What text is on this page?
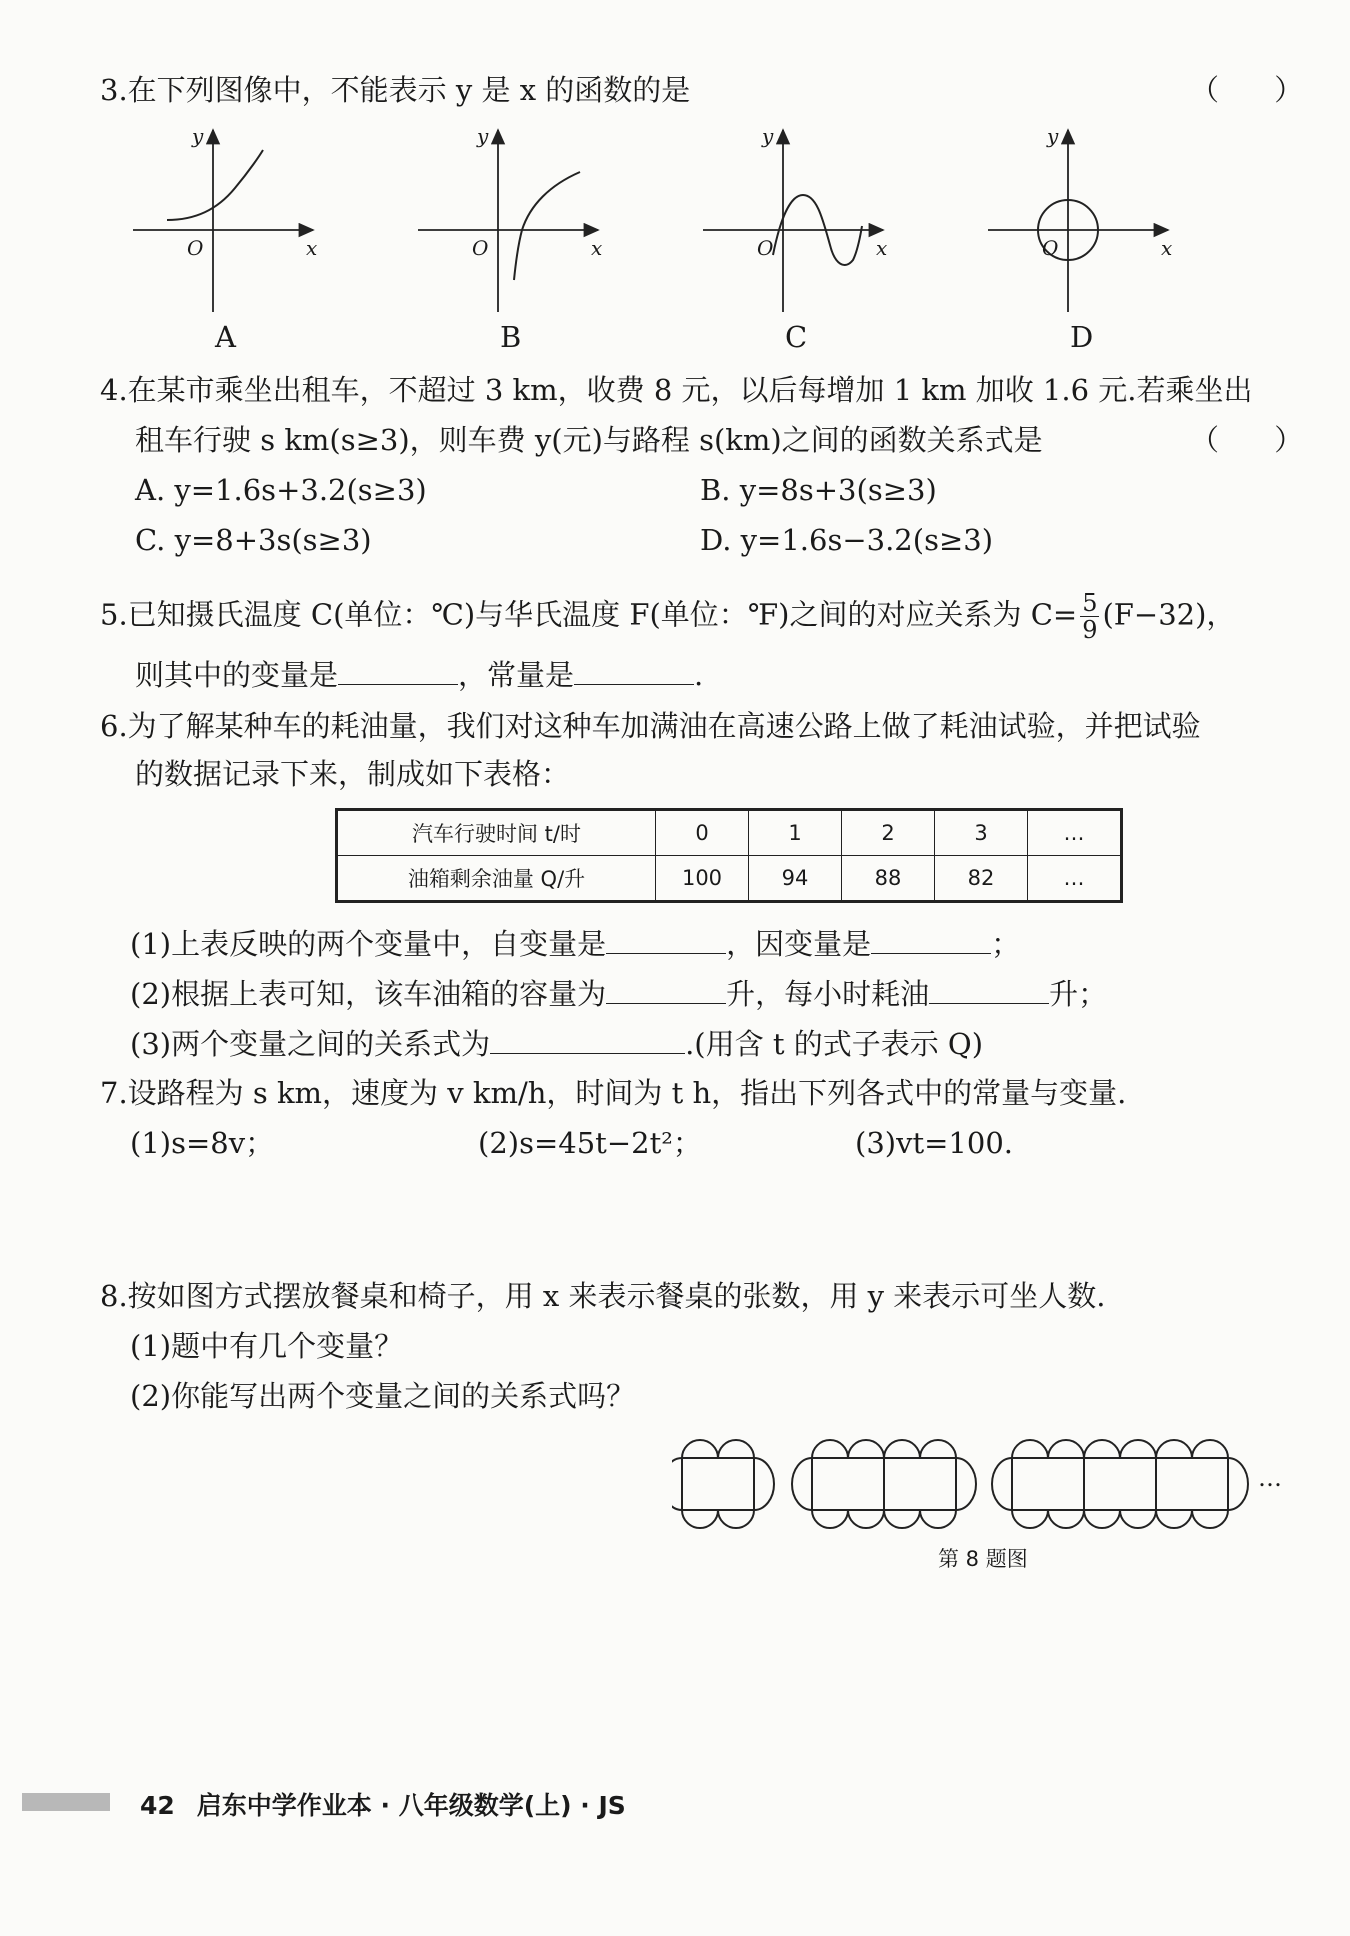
3.在下列图像中，不能表示 y 是 x 的函数的是	（      ）
y
x
O
A
y
x
O
B
y
x
O
C
y
x
O
D
4.在某市乘坐出租车，不超过 3 km，收费 8 元，以后每增加 1 km 加收 1.6 元.若乘坐出
租车行驶 s km(s≥3)，则车费 y(元)与路程 s(km)之间的函数关系式是	（      ）
A. y=1.6s+3.2(s≥3)	B. y=8s+3(s≥3)
C. y=8+3s(s≥3)	D. y=1.6s−3.2(s≥3)
5.已知摄氏温度 C(单位：℃)与华氏温度 F(单位：℉)之间的对应关系为 $C= \frac{5}{9} (F-32)$，
则其中的变量是	，常量是	.
6.为了解某种车的耗油量，我们对这种车加满油在高速公路上做了耗油试验，并把试验
的数据记录下来，制成如下表格：
汽车行驶时间 t/时	0	1	2	3	…
油箱剩余油量 Q/升	100	94	88	82	…
(1)上表反映的两个变量中，自变量是	，因变量是	；
(2)根据上表可知，该车油箱的容量为	升，每小时耗油	升；
(3)两个变量之间的关系式为	.(用含 t 的式子表示 Q)
7.设路程为 s km，速度为 v km/h，时间为 t h，指出下列各式中的常量与变量.
(1)s=8v；	(2)s=45t−2t²；	(3)vt=100.
8.按如图方式摆放餐桌和椅子，用 x 来表示餐桌的张数，用 y 来表示可坐人数.
(1)题中有几个变量？
(2)你能写出两个变量之间的关系式吗？
…
第 8 题图
42 启东中学作业本 · 八年级数学(上) · JS
